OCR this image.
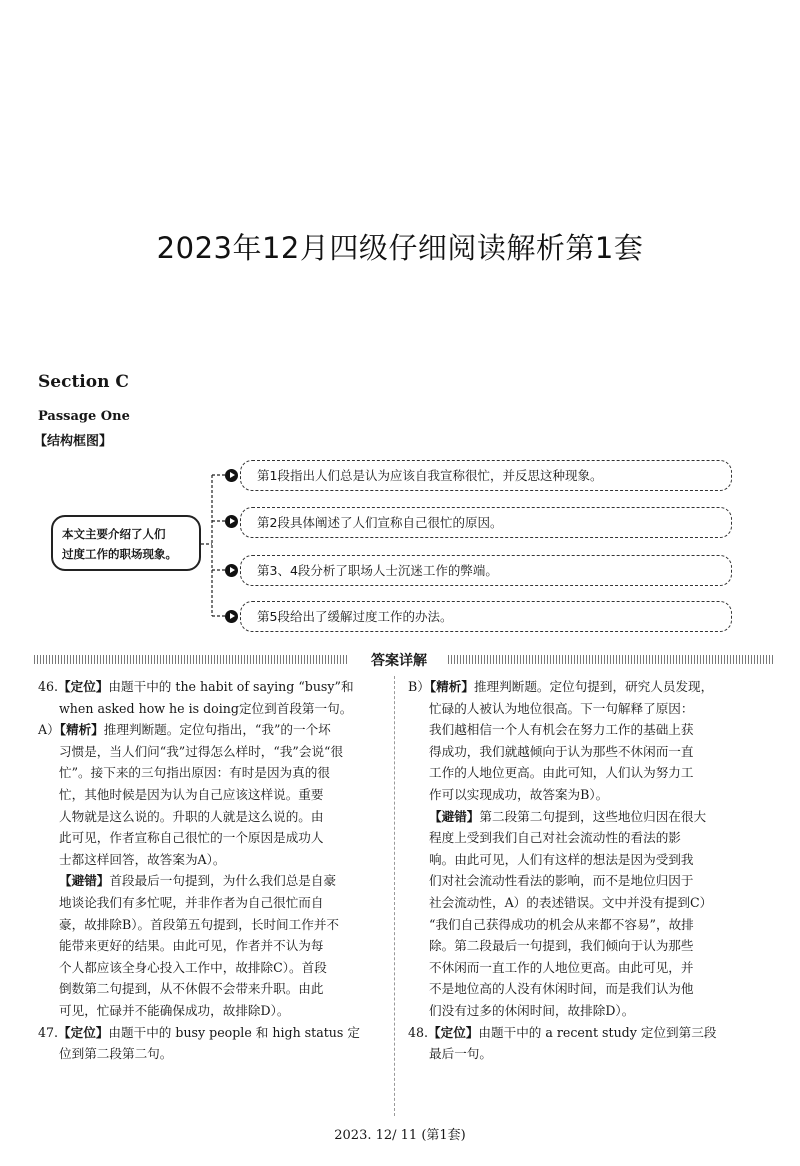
2023年12月四级仔细阅读解析第1套
Section C
Passage One
【结构框图】
本文主要介绍了人们
过度工作的职场现象。
第1段指出人们总是认为应该自我宣称很忙，并反思这种现象。
第2段具体阐述了人们宣称自己很忙的原因。
第3、4段分析了职场人士沉迷工作的弊端。
第5段给出了缓解过度工作的办法。
答案详解
46.【定位】由题干中的 the habit of saying “busy”和
when asked how he is doing定位到首段第一句。
A）【精析】推理判断题。定位句指出，“我”的一个坏
习惯是，当人们问“我”过得怎么样时，“我”会说“很
忙”。接下来的三句指出原因：有时是因为真的很
忙，其他时候是因为认为自己应该这样说。重要
人物就是这么说的。升职的人就是这么说的。由
此可见，作者宣称自己很忙的一个原因是成功人
士都这样回答，故答案为A）。
【避错】首段最后一句提到，为什么我们总是自豪
地谈论我们有多忙呢，并非作者为自己很忙而自
豪，故排除B）。首段第五句提到，长时间工作并不
能带来更好的结果。由此可见，作者并不认为每
个人都应该全身心投入工作中，故排除C）。首段
倒数第二句提到，从不休假不会带来升职。由此
可见，忙碌并不能确保成功，故排除D）。
47.【定位】由题干中的 busy people 和 high status 定
位到第二段第二句。
B）【精析】推理判断题。定位句提到，研究人员发现，
忙碌的人被认为地位很高。下一句解释了原因：
我们越相信一个人有机会在努力工作的基础上获
得成功，我们就越倾向于认为那些不休闲而一直
工作的人地位更高。由此可知，人们认为努力工
作可以实现成功，故答案为B）。
【避错】第二段第二句提到，这些地位归因在很大
程度上受到我们自己对社会流动性的看法的影
响。由此可见，人们有这样的想法是因为受到我
们对社会流动性看法的影响，而不是地位归因于
社会流动性，A）的表述错误。文中并没有提到C）
“我们自己获得成功的机会从来都不容易”，故排
除。第二段最后一句提到，我们倾向于认为那些
不休闲而一直工作的人地位更高。由此可见，并
不是地位高的人没有休闲时间，而是我们认为他
们没有过多的休闲时间，故排除D）。
48.【定位】由题干中的 a recent study 定位到第三段
最后一句。
2023. 12/ 11 (第1套)
